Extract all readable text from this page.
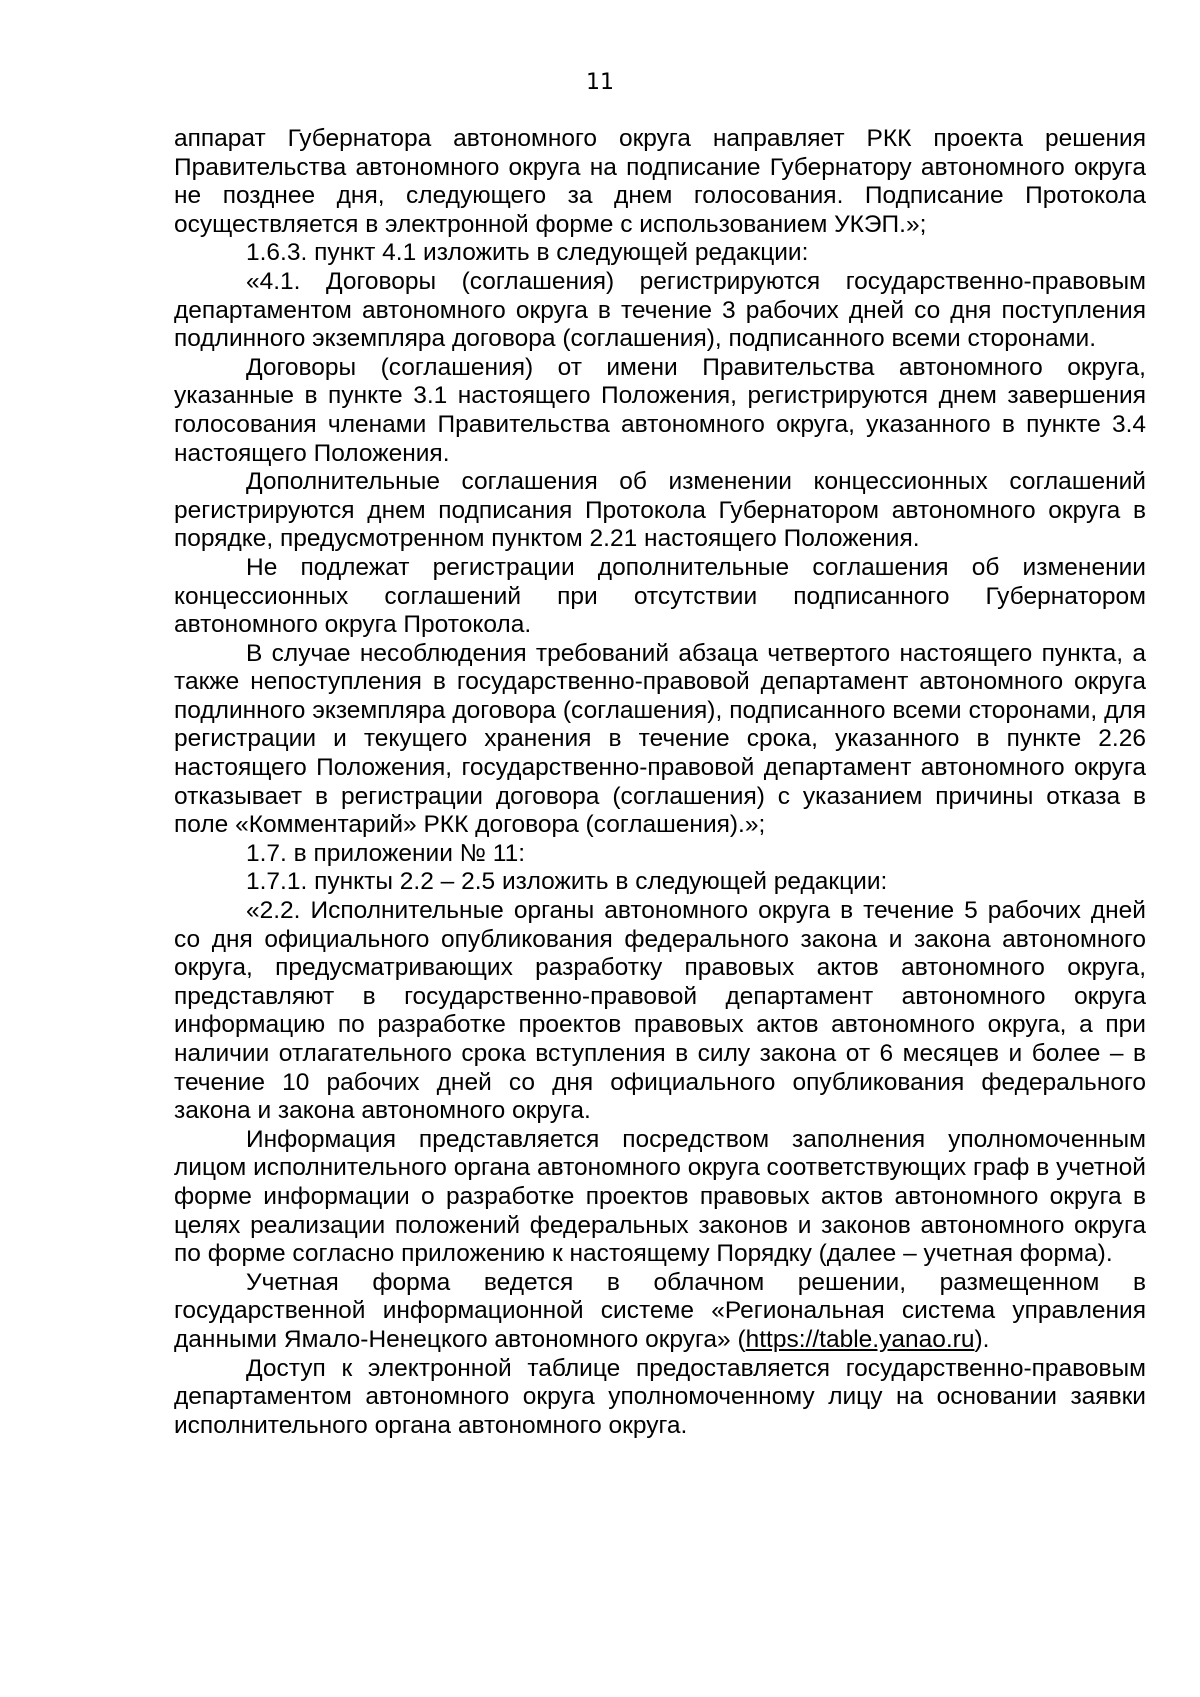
11

аппарат Губернатора автономного округа направляет РКК проекта решения Правительства автономного округа на подписание Губернатору автономного округа не позднее дня, следующего за днем голосования. Подписание Протокола осуществляется в электронной форме с использованием УКЭП.»;

1.6.3. пункт 4.1 изложить в следующей редакции:

«4.1. Договоры (соглашения) регистрируются государственно-правовым департаментом автономного округа в течение 3 рабочих дней со дня поступления подлинного экземпляра договора (соглашения), подписанного всеми сторонами.

Договоры (соглашения) от имени Правительства автономного округа, указанные в пункте 3.1 настоящего Положения, регистрируются днем завершения голосования членами Правительства автономного округа, указанного в пункте 3.4 настоящего Положения.

Дополнительные соглашения об изменении концессионных соглашений регистрируются днем подписания Протокола Губернатором автономного округа в порядке, предусмотренном пунктом 2.21 настоящего Положения.

Не подлежат регистрации дополнительные соглашения об изменении концессионных соглашений при отсутствии подписанного Губернатором автономного округа Протокола.

В случае несоблюдения требований абзаца четвертого настоящего пункта, а также непоступления в государственно-правовой департамент автономного округа подлинного экземпляра договора (соглашения), подписанного всеми сторонами, для регистрации и текущего хранения в течение срока, указанного в пункте 2.26 настоящего Положения, государственно-правовой департамент автономного округа отказывает в регистрации договора (соглашения) с указанием причины отказа в поле «Комментарий» РКК договора (соглашения).»;

1.7. в приложении № 11:

1.7.1. пункты 2.2 – 2.5 изложить в следующей редакции:

«2.2. Исполнительные органы автономного округа в течение 5 рабочих дней со дня официального опубликования федерального закона и закона автономного округа, предусматривающих разработку правовых актов автономного округа, представляют в государственно-правовой департамент автономного округа информацию по разработке проектов правовых актов автономного округа, а при наличии отлагательного срока вступления в силу закона от 6 месяцев и более – в течение 10 рабочих дней со дня официального опубликования федерального закона и закона автономного округа.

Информация представляется посредством заполнения уполномоченным лицом исполнительного органа автономного округа соответствующих граф в учетной форме информации о разработке проектов правовых актов автономного округа в целях реализации положений федеральных законов и законов автономного округа по форме согласно приложению к настоящему Порядку (далее – учетная форма).

Учетная форма ведется в облачном решении, размещенном в государственной информационной системе «Региональная система управления данными Ямало-Ненецкого автономного округа» (https://table.yanao.ru).

Доступ к электронной таблице предоставляется государственно-правовым департаментом автономного округа уполномоченному лицу на основании заявки исполнительного органа автономного округа.
